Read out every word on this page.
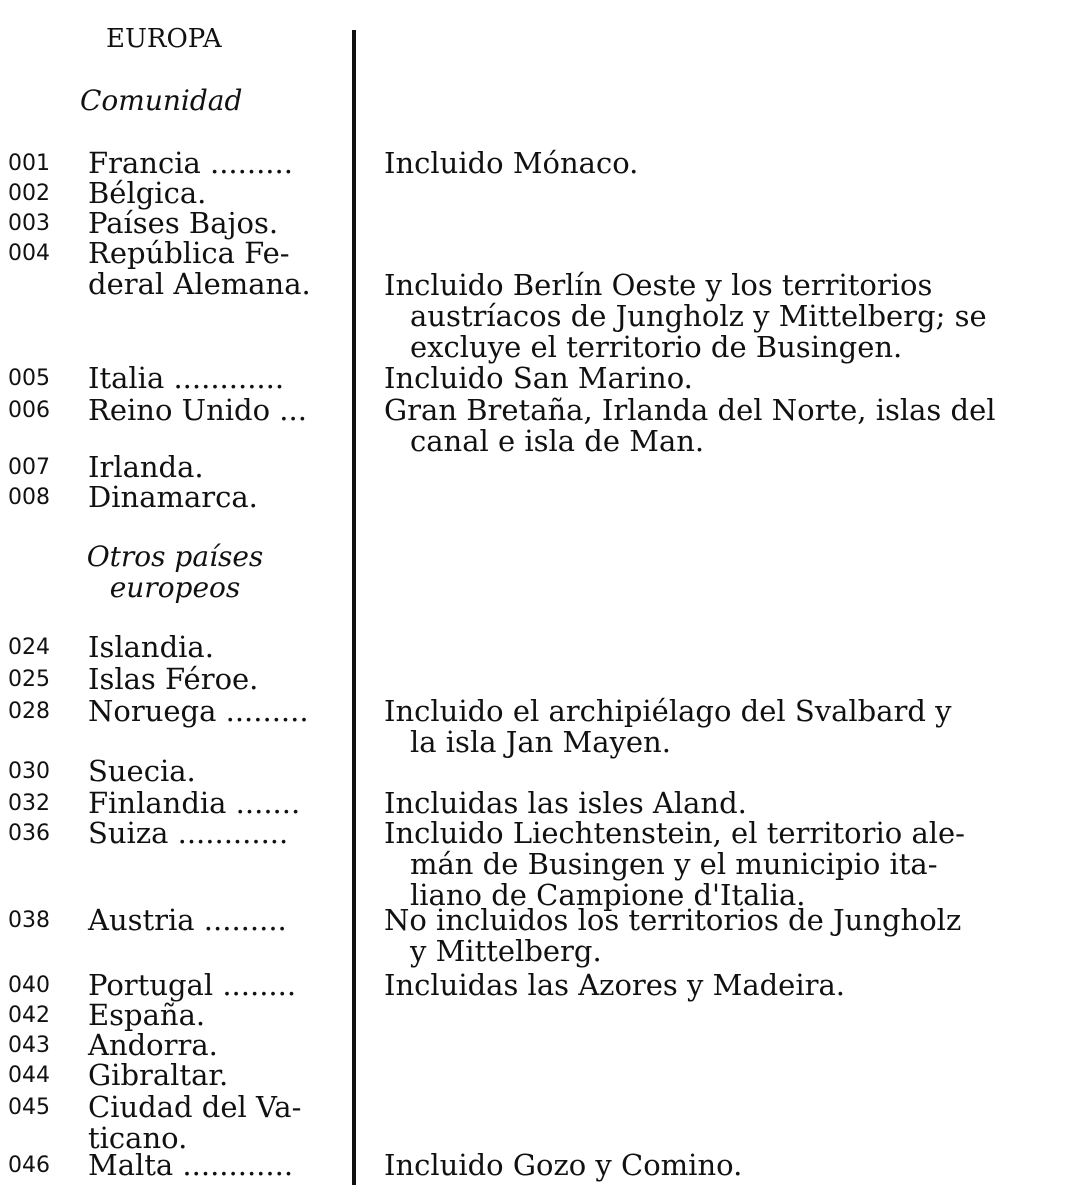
EUROPA
Comunidad
Otros países
europeos
001	Francia .........	Incluido Mónaco.
002	Bélgica.
003	Países Bajos.
004	República Fe-
deral Alemana.	Incluido Berlín Oeste y los territorios
austríacos de Jungholz y Mittelberg; se
excluye el territorio de Busingen.
005	Italia ............	Incluido San Marino.
006	Reino Unido ...	Gran Bretaña, Irlanda del Norte, islas del
canal e isla de Man.
007	Irlanda.
008	Dinamarca.
024	Islandia.
025	Islas Féroe.
028	Noruega .........	Incluido el archipiélago del Svalbard y
la isla Jan Mayen.
030	Suecia.
032	Finlandia .......	Incluidas las isles Aland.
036	Suiza ............	Incluido Liechtenstein, el territorio ale-
mán de Busingen y el municipio ita-
liano de Campione d'Italia.
038	Austria .........	No incluidos los territorios de Jungholz
y Mittelberg.
040	Portugal ........	Incluidas las Azores y Madeira.
042	España.
043	Andorra.
044	Gibraltar.
045	Ciudad del Va-
ticano.
046	Malta ............	Incluido Gozo y Comino.
